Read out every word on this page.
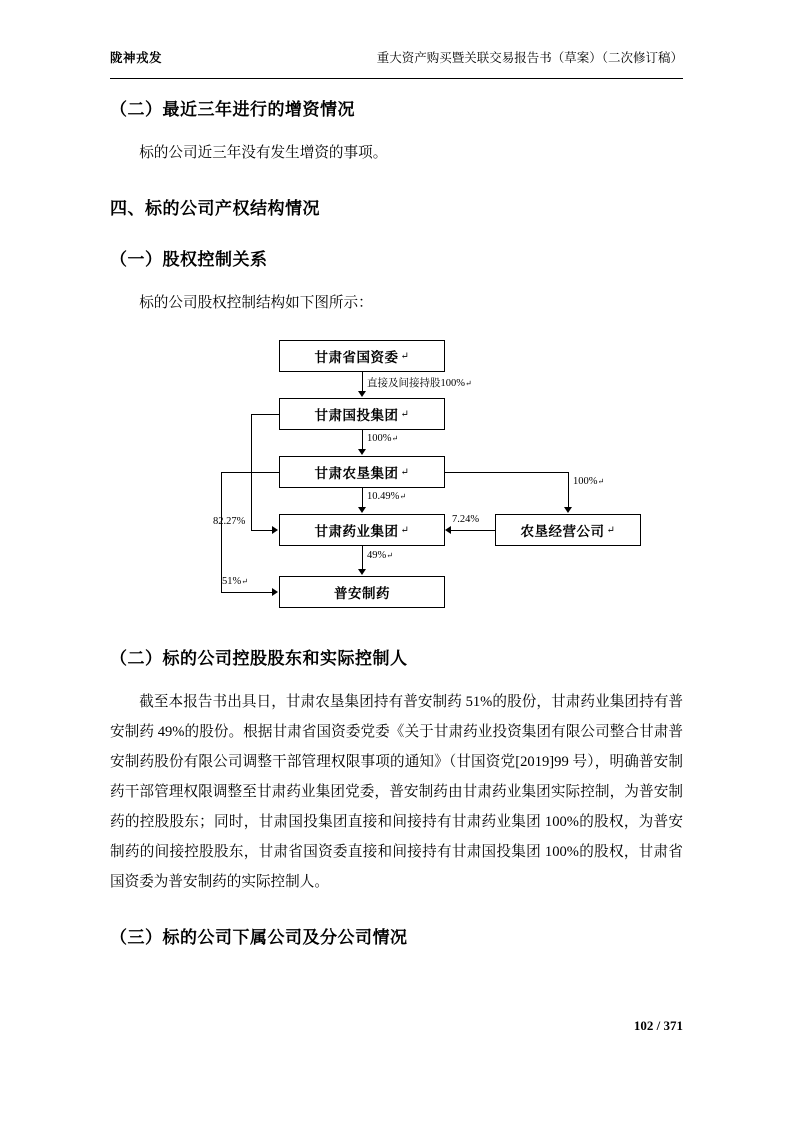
陇神戎发	重大资产购买暨关联交易报告书（草案）（二次修订稿）
（二）最近三年进行的增资情况

标的公司近三年没有发生增资的事项。

四、标的公司产权结构情况
（一）股权控制关系

标的公司股权控制结构如下图所示：

甘肃省国资委 ↵
甘肃国投集团 ↵
甘肃农垦集团 ↵
甘肃药业集团 ↵
普安制药
农垦经营公司 ↵
直接及间接持股100%↵
100%↵
10.49%↵
49%↵
82.27%
51%↵
7.24%
100%↵
（二）标的公司控股股东和实际控制人

截至本报告书出具日，甘肃农垦集团持有普安制药 51%的股份，甘肃药业集团持有普安制药 49%的股份。根据甘肃省国资委党委《关于甘肃药业投资集团有限公司整合甘肃普安制药股份有限公司调整干部管理权限事项的通知》（甘国资党[2019]99 号），明确普安制药干部管理权限调整至甘肃药业集团党委，普安制药由甘肃药业集团实际控制，为普安制药的控股股东；同时，甘肃国投集团直接和间接持有甘肃药业集团 100%的股权，为普安制药的间接控股股东，甘肃省国资委直接和间接持有甘肃国投集团 100%的股权，甘肃省国资委为普安制药的实际控制人。

（三）标的公司下属公司及分公司情况
102 / 371
